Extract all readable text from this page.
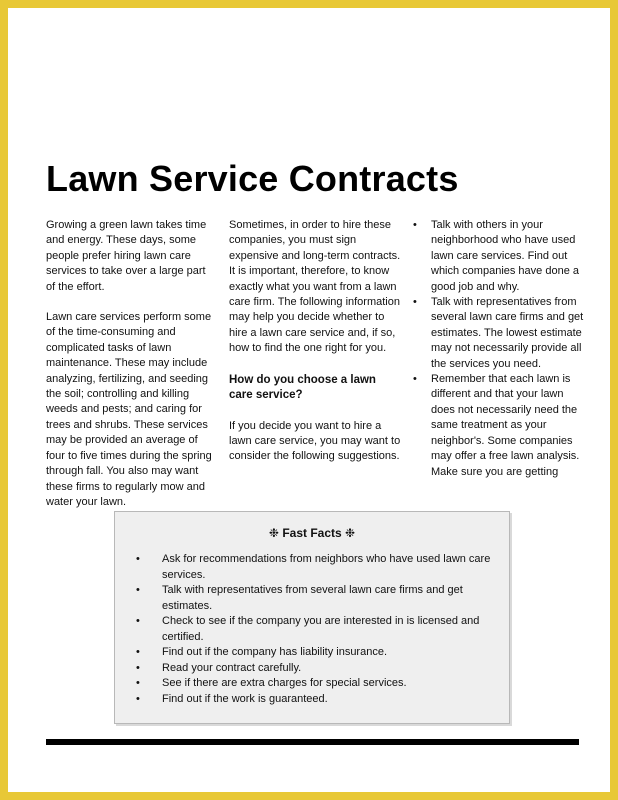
Lawn Service Contracts

Growing a green lawn takes time and energy. These days, some people prefer hiring lawn care services to take over a large part of the effort.

Lawn care services perform some of the time-consuming and complicated tasks of lawn maintenance. These may include analyzing, fertilizing, and seeding the soil; controlling and killing weeds and pests; and caring for trees and shrubs. These services may be provided an average of four to five times during the spring through fall. You also may want these firms to regularly mow and water your lawn.

Sometimes, in order to hire these companies, you must sign expensive and long-term contracts. It is important, therefore, to know exactly what you want from a lawn care firm. The following information may help you decide whether to hire a lawn care service and, if so, how to find the one right for you.

How do you choose a lawn care service?

If you decide you want to hire a lawn care service, you may want to consider the following suggestions.

• Talk with others in your neighborhood who have used lawn care services. Find out which companies have done a good job and why.
• Talk with representatives from several lawn care firms and get estimates. The lowest estimate may not necessarily provide all the services you need.
• Remember that each lawn is different and that your lawn does not necessarily need the same treatment as your neighbor's. Some companies may offer a free lawn analysis. Make sure you are getting
❉ Fast Facts ❉
• Ask for recommendations from neighbors who have used lawn care services.
• Talk with representatives from several lawn care firms and get estimates.
• Check to see if the company you are interested in is licensed and certified.
• Find out if the company has liability insurance.
• Read your contract carefully.
• See if there are extra charges for special services.
• Find out if the work is guaranteed.
